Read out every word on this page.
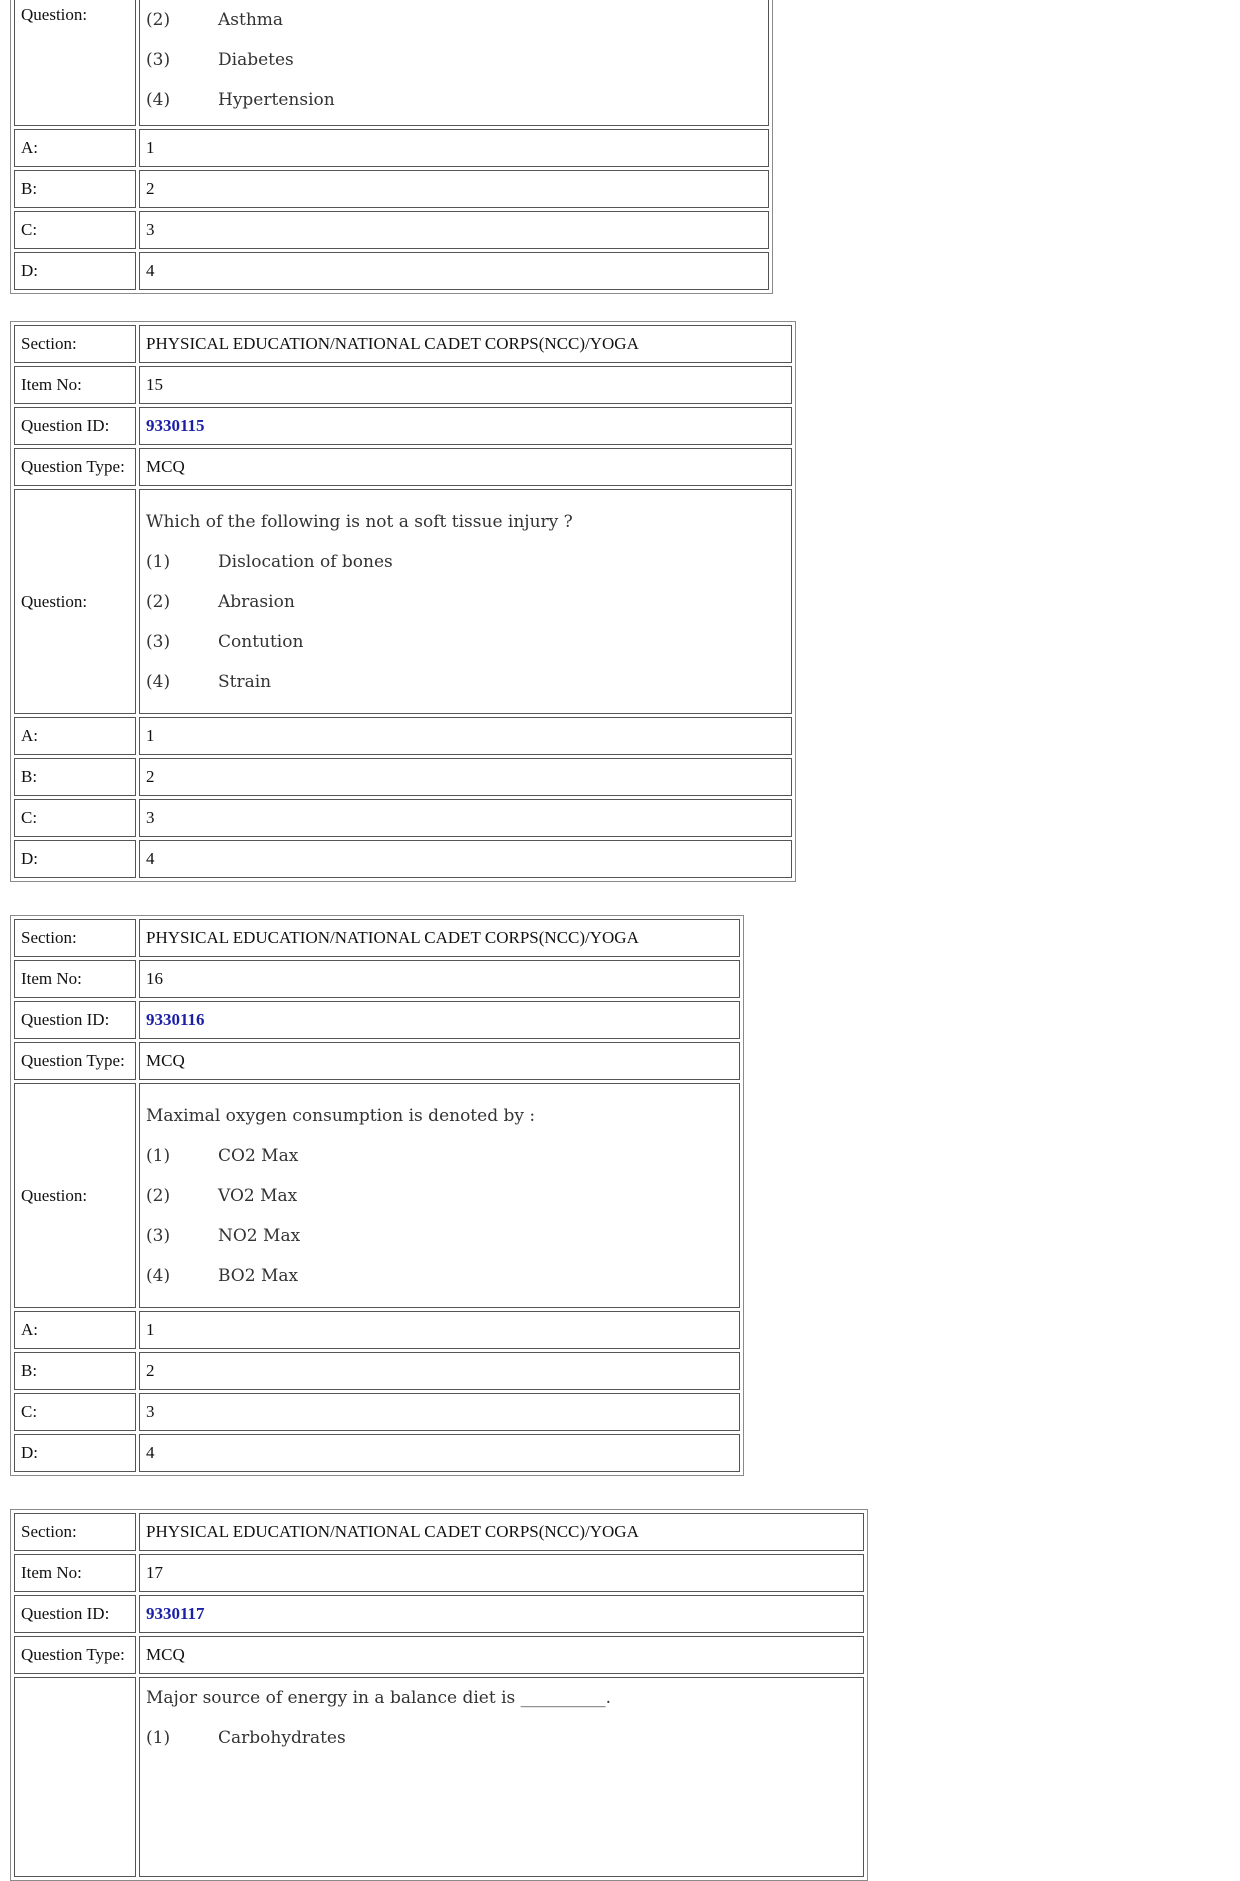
Question:	(2) Asthma
(3) Diabetes
(4) Hypertension

A:	1
B:	2
C:	3
D:	4
Section:	PHYSICAL EDUCATION/NATIONAL CADET CORPS(NCC)/YOGA
Item No:	15
Question ID:	9330115
Question Type:	MCQ
Question:	Which of the following is not a soft tissue injury ?
(1) Dislocation of bones
(2) Abrasion
(3) Contution
(4) Strain

A:	1
B:	2
C:	3
D:	4
Section:	PHYSICAL EDUCATION/NATIONAL CADET CORPS(NCC)/YOGA
Item No:	16
Question ID:	9330116
Question Type:	MCQ
Question:	Maximal oxygen consumption is denoted by :
(1) CO2 Max
(2) VO2 Max
(3) NO2 Max
(4) BO2 Max

A:	1
B:	2
C:	3
D:	4
Section:	PHYSICAL EDUCATION/NATIONAL CADET CORPS(NCC)/YOGA
Item No:	17
Question ID:	9330117
Question Type:	MCQ

	Major source of energy in a balance diet is __________.
(1) Carbohydrates
